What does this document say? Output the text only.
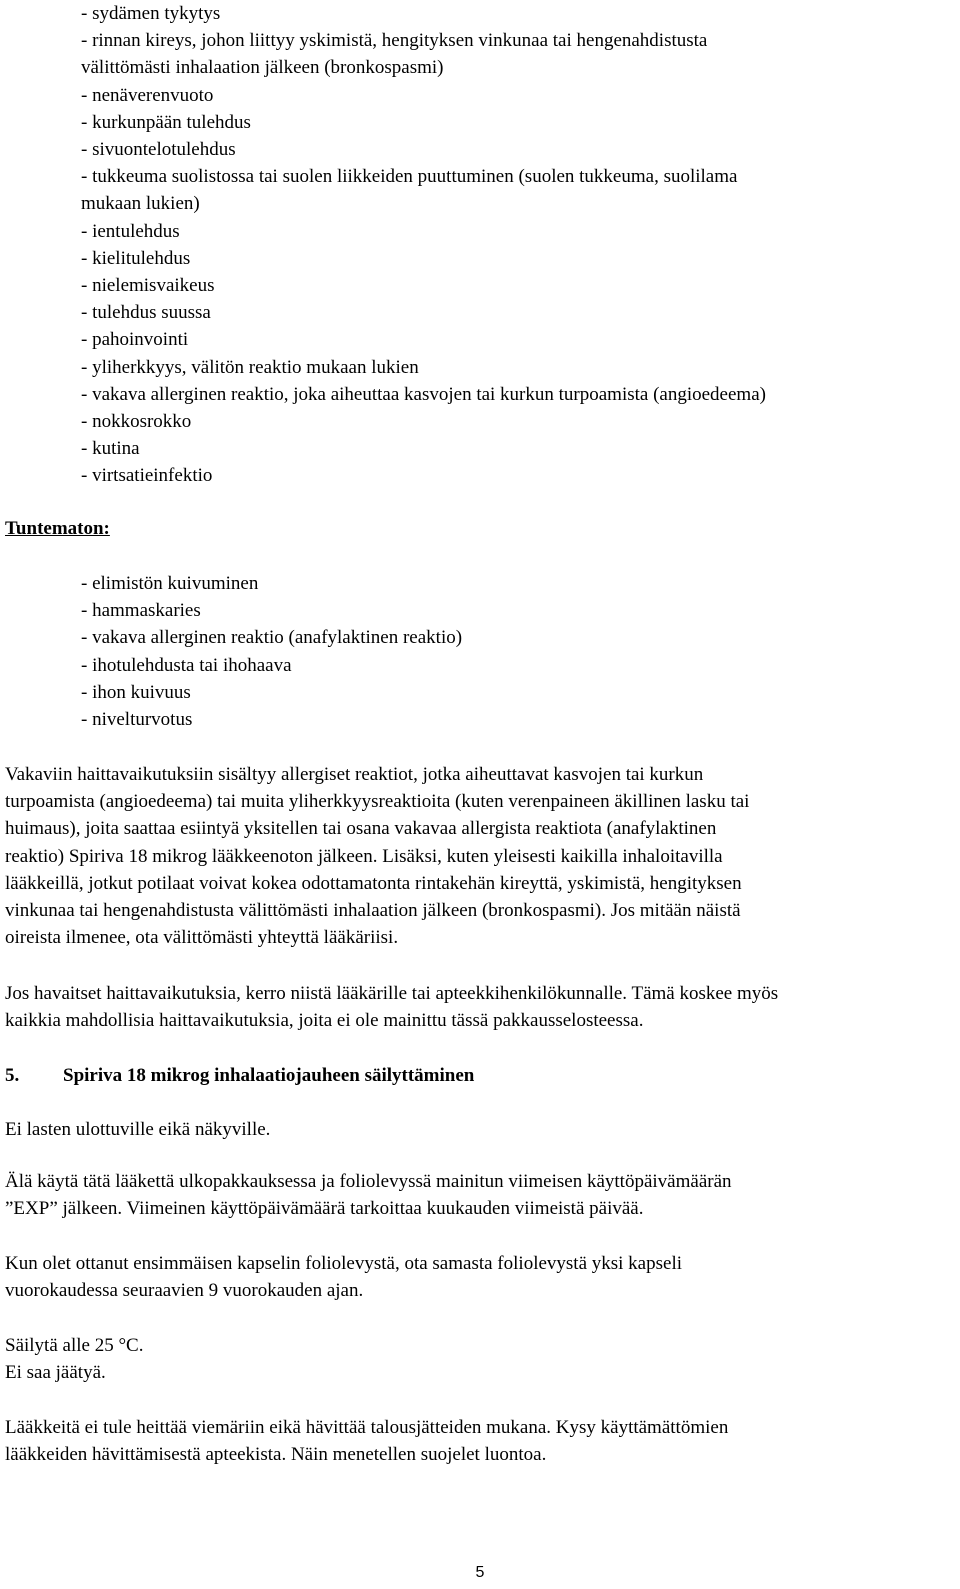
- sydämen tykytys
- rinnan kireys, johon liittyy yskimistä, hengityksen vinkunaa tai hengenahdistusta
välittömästi inhalaation jälkeen (bronkospasmi)
- nenäverenvuoto
- kurkunpään tulehdus
- sivuontelotulehdus
- tukkeuma suolistossa tai suolen liikkeiden puuttuminen (suolen tukkeuma, suolilama
mukaan lukien)
- ientulehdus
- kielitulehdus
- nielemisvaikeus
- tulehdus suussa
- pahoinvointi
- yliherkkyys, välitön reaktio mukaan lukien
- vakava allerginen reaktio, joka aiheuttaa kasvojen tai kurkun turpoamista (angioedeema)
- nokkosrokko
- kutina
- virtsatieinfektio
Tuntematon:
- elimistön kuivuminen
- hammaskaries
- vakava allerginen reaktio (anafylaktinen reaktio)
- ihotulehdusta tai ihohaava
- ihon kuivuus
- nivelturvotus
Vakaviin haittavaikutuksiin sisältyy allergiset reaktiot, jotka aiheuttavat kasvojen tai kurkun
turpoamista (angioedeema) tai muita yliherkkyysreaktioita (kuten verenpaineen äkillinen lasku tai
huimaus), joita saattaa esiintyä yksitellen tai osana vakavaa allergista reaktiota (anafylaktinen
reaktio) Spiriva 18 mikrog lääkkeenoton jälkeen. Lisäksi, kuten yleisesti kaikilla inhaloitavilla
lääkkeillä, jotkut potilaat voivat kokea odottamatonta rintakehän kireyttä, yskimistä, hengityksen
vinkunaa tai hengenahdistusta välittömästi inhalaation jälkeen (bronkospasmi). Jos mitään näistä
oireista ilmenee, ota välittömästi yhteyttä lääkäriisi.
Jos havaitset haittavaikutuksia, kerro niistä lääkärille tai apteekkihenkilökunnalle. Tämä koskee myös
kaikkia mahdollisia haittavaikutuksia, joita ei ole mainittu tässä pakkausselosteessa.
5. Spiriva 18 mikrog inhalaatiojauheen säilyttäminen
Ei lasten ulottuville eikä näkyville.
Älä käytä tätä lääkettä ulkopakkauksessa ja foliolevyssä mainitun viimeisen käyttöpäivämäärän
”EXP” jälkeen. Viimeinen käyttöpäivämäärä tarkoittaa kuukauden viimeistä päivää.
Kun olet ottanut ensimmäisen kapselin foliolevystä, ota samasta foliolevystä yksi kapseli
vuorokaudessa seuraavien 9 vuorokauden ajan.
Säilytä alle 25 °C.
Ei saa jäätyä.
Lääkkeitä ei tule heittää viemäriin eikä hävittää talousjätteiden mukana. Kysy käyttämättömien
lääkkeiden hävittämisestä apteekista. Näin menetellen suojelet luontoa.
5
